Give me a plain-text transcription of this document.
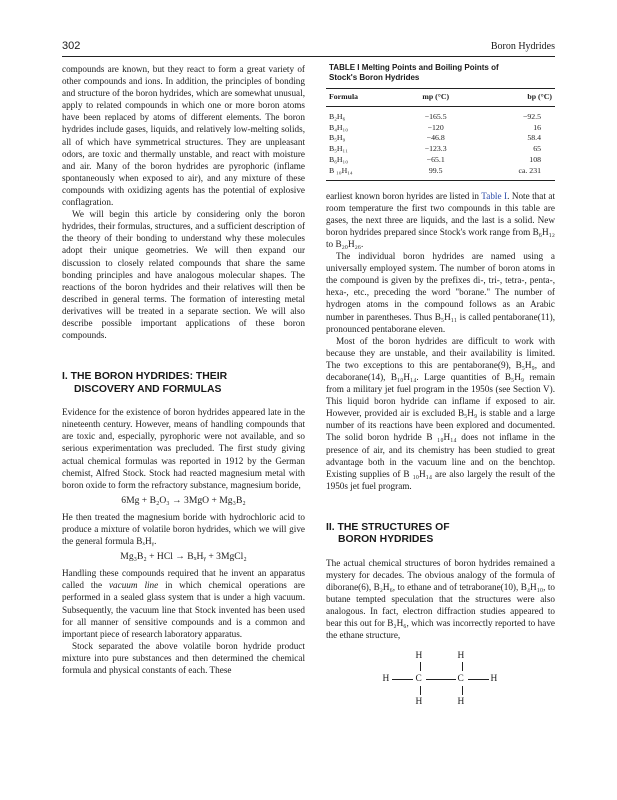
302	Boron Hydrides

compounds are known, but they react to form a great variety of other compounds and ions. In addition, the principles of bonding and structure of the boron hydrides, which are somewhat unusual, apply to related compounds in which one or more boron atoms have been replaced by atoms of different elements. The boron hydrides include gases, liquids, and relatively low-melting solids, all of which have symmetrical structures. They are unpleasant odors, are toxic and thermally unstable, and react with moisture and air. Many of the boron hydrides are pyrophoric (inflame spontaneously when exposed to air), and any mixture of these compounds with oxidizing agents has the potential of explosive conflagration.

We will begin this article by considering only the boron hydrides, their formulas, structures, and a sufficient description of the theory of their bonding to understand why these molecules adopt their unique geometries. We will then expand our discussion to closely related compounds that share the same bonding principles and have analogous molecular shapes. The reactions of the boron hydrides and their relatives will then be described in general terms. The formation of interesting metal derivatives will be treated in a separate section. We will also describe possible important applications of these boron compounds.

I. THE BORON HYDRIDES: THEIR
DISCOVERY AND FORMULAS

Evidence for the existence of boron hydrides appeared late in the nineteenth century. However, means of handling compounds that are toxic and, especially, pyrophoric were not available, and so serious experimentation was precluded. The first study giving actual chemical formulas was reported in 1912 by the German chemist, Alfred Stock. Stock had reacted magnesium metal with boron oxide to form the refractory substance, magnesium boride,

6Mg + B₂O₃ → 3MgO + Mg₃B₂

He then treated the magnesium boride with hydrochloric acid to produce a mixture of volatile boron hydrides, which we will give the general formula BₓHᵧ.

Mg₃B₂ + HCl → BₓHᵧ + 3MgCl₂

Handling these compounds required that he invent an apparatus called the vacuum line in which chemical operations are performed in a sealed glass system that is under a high vacuum. Subsequently, the vacuum line that Stock invented has been used for all manner of sensitive compounds and is a common and important piece of research laboratory apparatus.

Stock separated the above volatile boron hydride product mixture into pure substances and then determined the chemical formula and physical constants of each. These

TABLE I Melting Points and Boiling Points of
Stock's Boron Hydrides
Formula	mp (°C)	bp (°C)
B₂H₆	−165.5	−92.5
B₄H₁₀	−120	16
B₅H₉	−46.8	58.4
B₅H₁₁	−123.3	65
B₆H₁₀	−65.1	108
B ₁₀H₁₄	99.5	ca. 231

earliest known boron hyrides are listed in Table I. Note that at room temperature the first two compounds in this table are gases, the next three are liquids, and the last is a solid. New boron hydrides prepared since Stock's work range from B₆H₁₂ to B₂₀H₂₆.

The individual boron hydrides are named using a universally employed system. The number of boron atoms in the compound is given by the prefixes di-, tri-, tetra-, penta-, hexa-, etc., preceding the word "borane." The number of hydrogen atoms in the compound follows as an Arabic number in parentheses. Thus B₅H₁₁ is called pentaborane(11), pronounced pentaborane eleven.

Most of the boron hydrides are difficult to work with because they are unstable, and their availability is limited. The two exceptions to this are pentaborane(9), B₅H₉, and decaborane(14), B₁₀H₁₄. Large quantities of B₅H₉ remain from a military jet fuel program in the 1950s (see Section V). This liquid boron hydride can inflame if exposed to air. However, provided air is excluded B₅H₉ is stable and a large number of its reactions have been explored and documented. The solid boron hydride B ₁₀H₁₄ does not inflame in the presence of air, and its chemistry has been studied to great advantage both in the vacuum line and on the benchtop. Existing supplies of B ₁₀H₁₄ are also largely the result of the 1950s jet fuel program.

II. THE STRUCTURES OF
BORON HYDRIDES

The actual chemical structures of boron hydrides remained a mystery for decades. The obvious analogy of the formula of diborane(6), B₂H₆, to ethane and of tetraborane(10), B₄H₁₀, to butane tempted speculation that the structures were also analogous. In fact, electron diffraction studies appeared to bear this out for B₂H₆, which was incorrectly reported to have the ethane structure,

H	H
H	C	C	H
H	H
